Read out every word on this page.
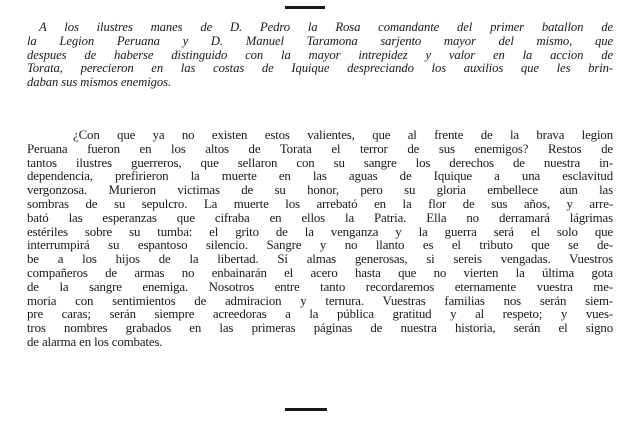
A los ilustres manes de D. Pedro la Rosa comandante del primer batallon de
la Legion Peruana y D. Manuel Taramona sarjento mayor del mismo, que
despues de haberse distinguido con la mayor intrepidez y valor en la accion de
Torata, perecieron en las costas de Iquique despreciando los auxilios que les brin-
daban sus mismos enemigos.

¿Con que ya no existen estos valientes, que al frente de la brava legion
Peruana fueron en los altos de Torata el terror de sus enemigos? Restos de
tantos ilustres guerreros, que sellaron con su sangre los derechos de nuestra in-
dependencia, prefirieron la muerte en las aguas de Iquique a una esclavitud
vergonzosa. Murieron victimas de su honor, pero su gloria embellece aun las
sombras de su sepulcro. La muerte los arrebató en la flor de sus años, y arre-
bató las esperanzas que cifraba en ellos la Patria. Ella no derramará lágrimas
estériles sobre su tumba: el grito de la venganza y la guerra será el solo que
interrumpirá su espantoso silencio. Sangre y no llanto es el tributo que se de-
be a los hijos de la libertad. Sí almas generosas, si sereis vengadas. Vuestros
compañeros de armas no enbainarán el acero hasta que no vierten la última gota
de la sangre enemiga. Nosotros entre tanto recordaremos eternamente vuestra me-
moria con sentimientos de admiracion y ternura. Vuestras familias nos serán siem-
pre caras; serán siempre acreedoras a la pública gratitud y al respeto; y vues-
tros nombres grabados en las primeras páginas de nuestra historia, serán el signo
de alarma en los combates.
